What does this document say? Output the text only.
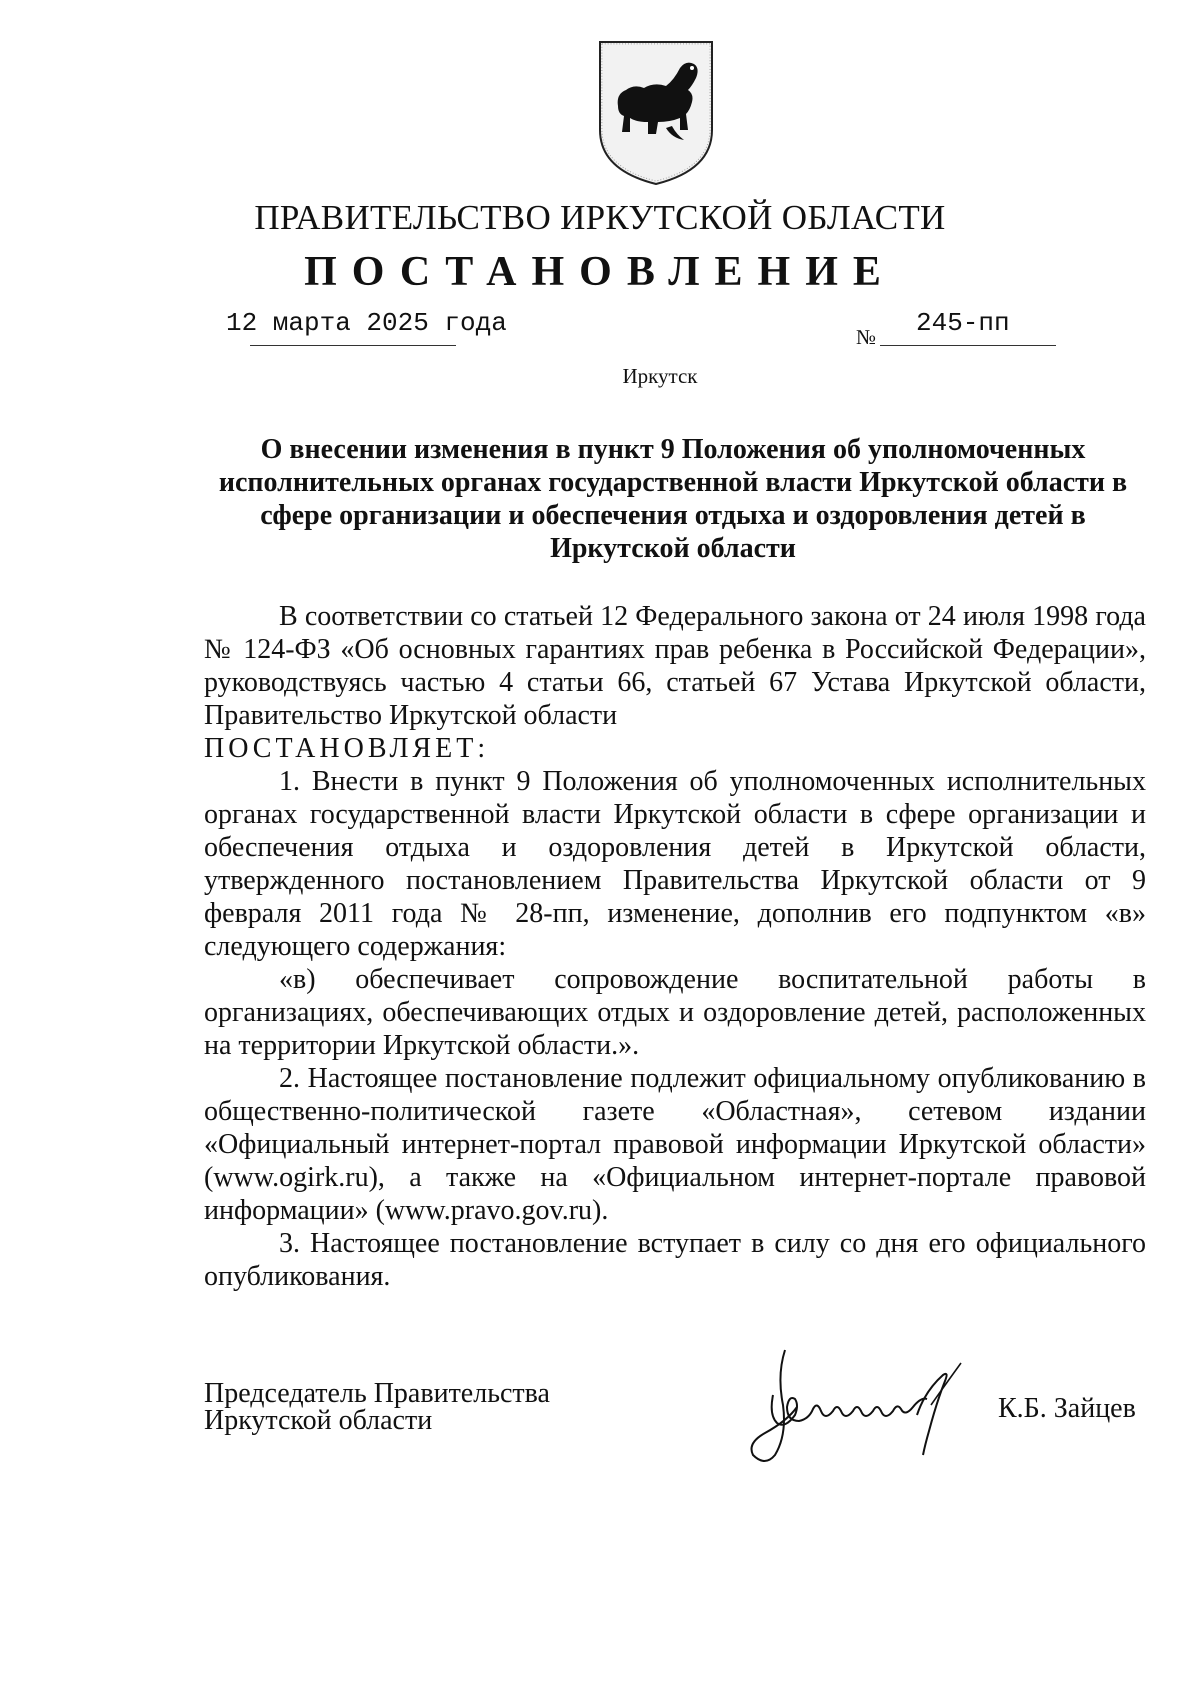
ПРАВИТЕЛЬСТВО ИРКУТСКОЙ ОБЛАСТИ
ПОСТАНОВЛЕНИЕ
12 марта 2025 года	№ 245-пп
Иркутск
О внесении изменения в пункт 9 Положения об уполномоченных исполнительных органах государственной власти Иркутской области в сфере организации и обеспечения отдыха и оздоровления детей в Иркутской области

В соответствии со статьей 12 Федерального закона от 24 июля 1998 года № 124-ФЗ «Об основных гарантиях прав ребенка в Российской Федерации», руководствуясь частью 4 статьи 66, статьей 67 Устава Иркутской области, Правительство Иркутской области

ПОСТАНОВЛЯЕТ:

1. Внести в пункт 9 Положения об уполномоченных исполнительных органах государственной власти Иркутской области в сфере организации и обеспечения отдыха и оздоровления детей в Иркутской области, утвержденного постановлением Правительства Иркутской области от 9 февраля 2011 года № 28-пп, изменение, дополнив его подпунктом «в» следующего содержания:

«в) обеспечивает сопровождение воспитательной работы в организациях, обеспечивающих отдых и оздоровление детей, расположенных на территории Иркутской области.».

2. Настоящее постановление подлежит официальному опубликованию в общественно-политической газете «Областная», сетевом издании «Официальный интернет-портал правовой информации Иркутской области» (www.ogirk.ru), а также на «Официальном интернет-портале правовой информации» (www.pravo.gov.ru).

3. Настоящее постановление вступает в силу со дня его официального опубликования.

Председатель Правительства
Иркутской области	К.Б. Зайцев
